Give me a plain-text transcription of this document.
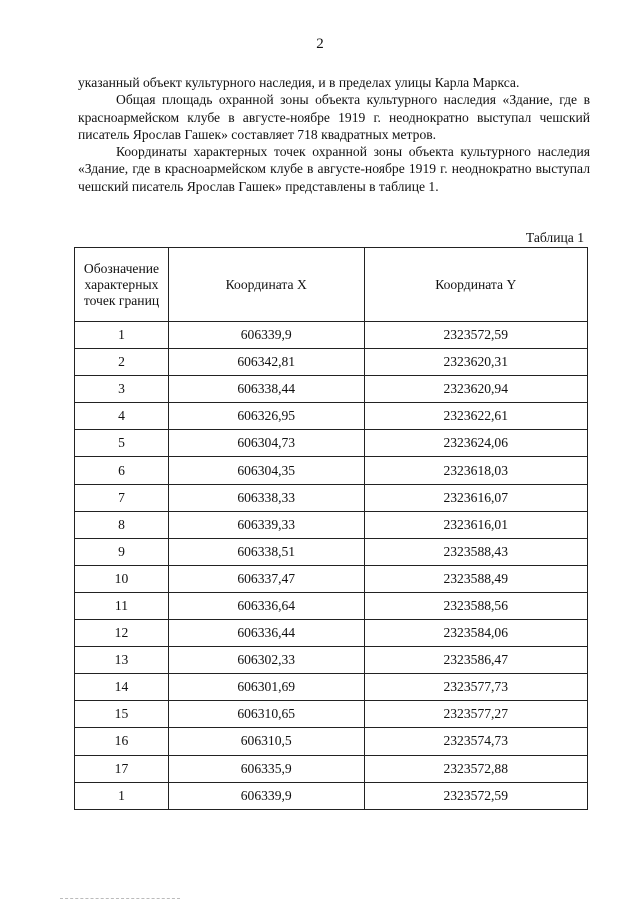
2

указанный объект культурного наследия, и в пределах улицы Карла Маркса.

Общая площадь охранной зоны объекта культурного наследия «Здание, где в красноармейском клубе в августе-ноябре 1919 г. неоднократно выступал чешский писатель Ярослав Гашек» составляет 718 квадратных метров.

Координаты характерных точек охранной зоны объекта культурного наследия «Здание, где в красноармейском клубе в августе-ноябре 1919 г. неоднократно выступал чешский писатель Ярослав Гашек» представлены в таблице 1.

Таблица 1
Обозначение характерных точек границ	Координата X	Координата Y
1	606339,9	2323572,59
2	606342,81	2323620,31
3	606338,44	2323620,94
4	606326,95	2323622,61
5	606304,73	2323624,06
6	606304,35	2323618,03
7	606338,33	2323616,07
8	606339,33	2323616,01
9	606338,51	2323588,43
10	606337,47	2323588,49
11	606336,64	2323588,56
12	606336,44	2323584,06
13	606302,33	2323586,47
14	606301,69	2323577,73
15	606310,65	2323577,27
16	606310,5	2323574,73
17	606335,9	2323572,88
1	606339,9	2323572,59
